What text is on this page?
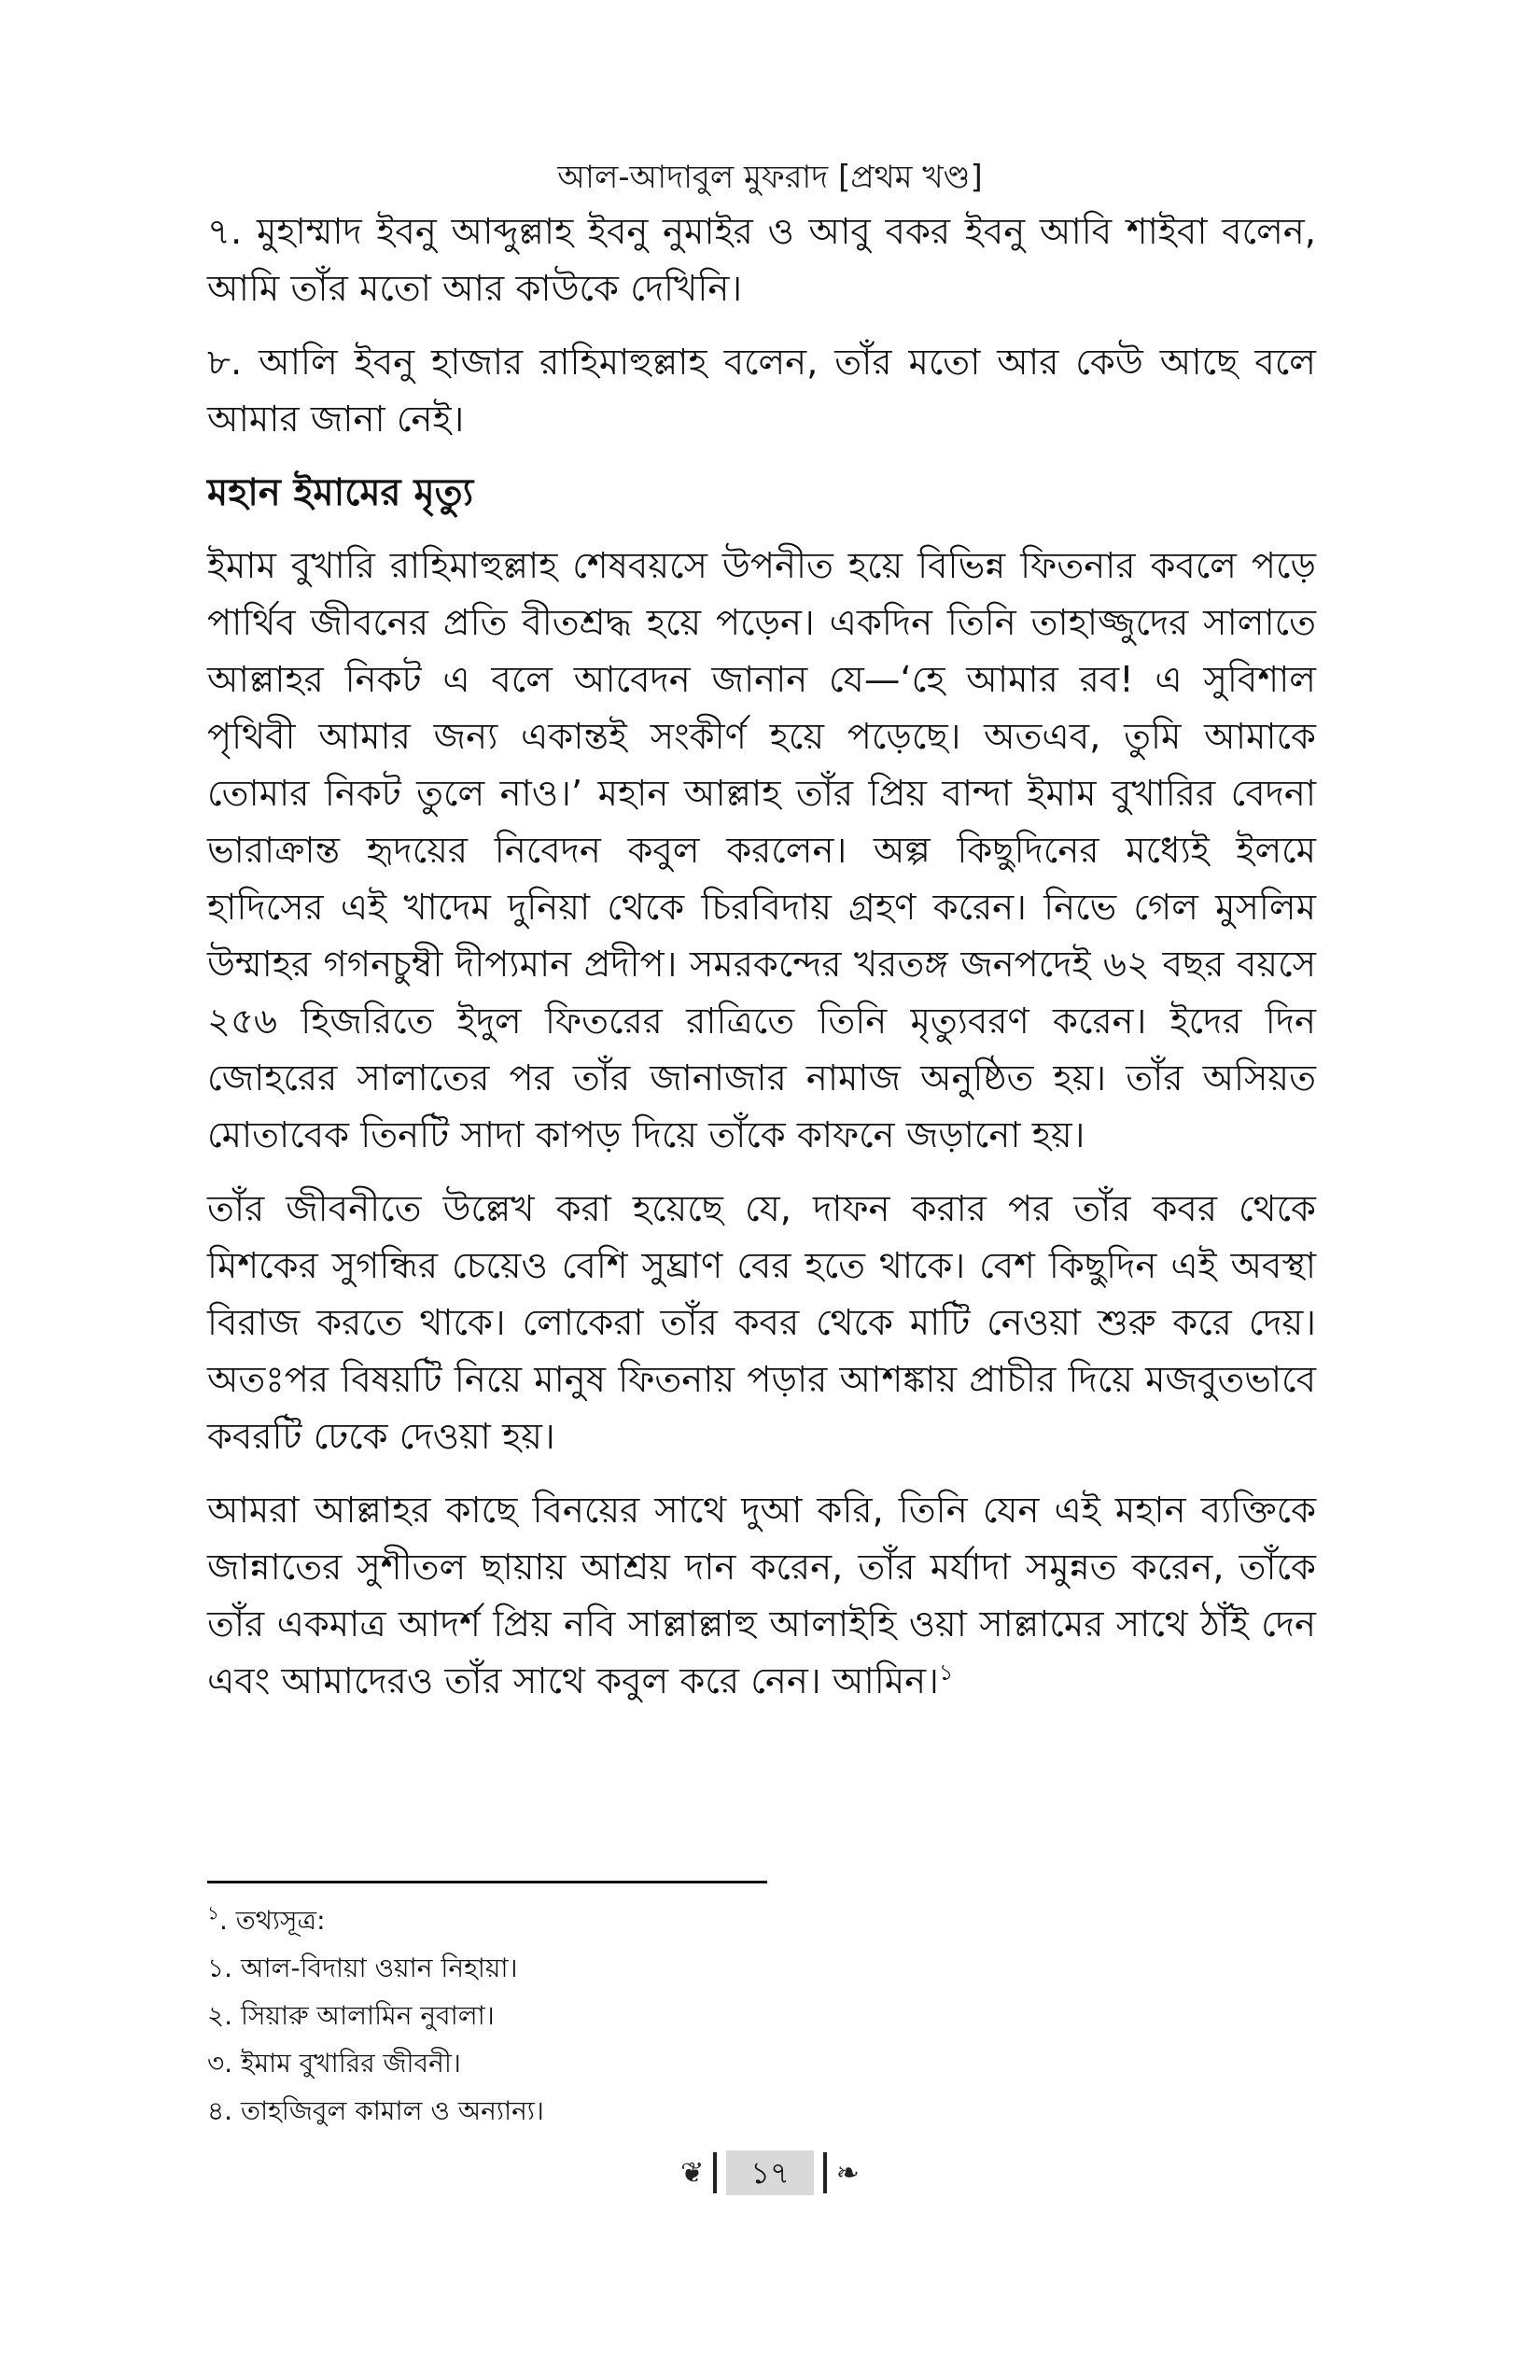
আল-আদাবুল মুফরাদ [প্রথম খণ্ড]

৭. মুহাম্মাদ ইবনু আব্দুল্লাহ ইবনু নুমাইর ও আবু বকর ইবনু আবি শাইবা বলেন, আমি তাঁর মতো আর কাউকে দেখিনি।

৮. আলি ইবনু হাজার রাহিমাহুল্লাহ বলেন, তাঁর মতো আর কেউ আছে বলে আমার জানা নেই।

মহান ইমামের মৃত্যু

ইমাম বুখারি রাহিমাহুল্লাহ শেষবয়সে উপনীত হয়ে বিভিন্ন ফিতনার কবলে পড়ে পার্থিব জীবনের প্রতি বীতশ্রদ্ধ হয়ে পড়েন। একদিন তিনি তাহাজ্জুদের সালাতে আল্লাহর নিকট এ বলে আবেদন জানান যে—‘হে আমার রব! এ সুবিশাল পৃথিবী আমার জন্য একান্তই সংকীর্ণ হয়ে পড়েছে। অতএব, তুমি আমাকে তোমার নিকট তুলে নাও।’ মহান আল্লাহ তাঁর প্রিয় বান্দা ইমাম বুখারির বেদনা ভারাক্রান্ত হৃদয়ের নিবেদন কবুল করলেন। অল্প কিছুদিনের মধ্যেই ইলমে হাদিসের এই খাদেম দুনিয়া থেকে চিরবিদায় গ্রহণ করেন। নিভে গেল মুসলিম উম্মাহর গগনচুম্বী দীপ্যমান প্রদীপ। সমরকন্দের খরতঙ্গ জনপদেই ৬২ বছর বয়সে ২৫৬ হিজরিতে ইদুল ফিতরের রাত্রিতে তিনি মৃত্যুবরণ করেন। ইদের দিন জোহরের সালাতের পর তাঁর জানাজার নামাজ অনুষ্ঠিত হয়। তাঁর অসিয়ত মোতাবেক তিনটি সাদা কাপড় দিয়ে তাঁকে কাফনে জড়ানো হয়।

তাঁর জীবনীতে উল্লেখ করা হয়েছে যে, দাফন করার পর তাঁর কবর থেকে মিশকের সুগন্ধির চেয়েও বেশি সুঘ্রাণ বের হতে থাকে। বেশ কিছুদিন এই অবস্থা বিরাজ করতে থাকে। লোকেরা তাঁর কবর থেকে মাটি নেওয়া শুরু করে দেয়। অতঃপর বিষয়টি নিয়ে মানুষ ফিতনায় পড়ার আশঙ্কায় প্রাচীর দিয়ে মজবুতভাবে কবরটি ঢেকে দেওয়া হয়।

আমরা আল্লাহর কাছে বিনয়ের সাথে দুআ করি, তিনি যেন এই মহান ব্যক্তিকে জান্নাতের সুশীতল ছায়ায় আশ্রয় দান করেন, তাঁর মর্যাদা সমুন্নত করেন, তাঁকে তাঁর একমাত্র আদর্শ প্রিয় নবি সাল্লাল্লাহু আলাইহি ওয়া সাল্লামের সাথে ঠাঁই দেন এবং আমাদেরও তাঁর সাথে কবুল করে নেন। আমিন।$^১$

$^১$. তথ্যসূত্র:

১. আল-বিদায়া ওয়ান নিহায়া।

২. সিয়ারু আলামিন নুবালা।

৩. ইমাম বুখারির জীবনী।

৪. তাহজিবুল কামাল ও অন্যান্য।

❦	১৭	❧
